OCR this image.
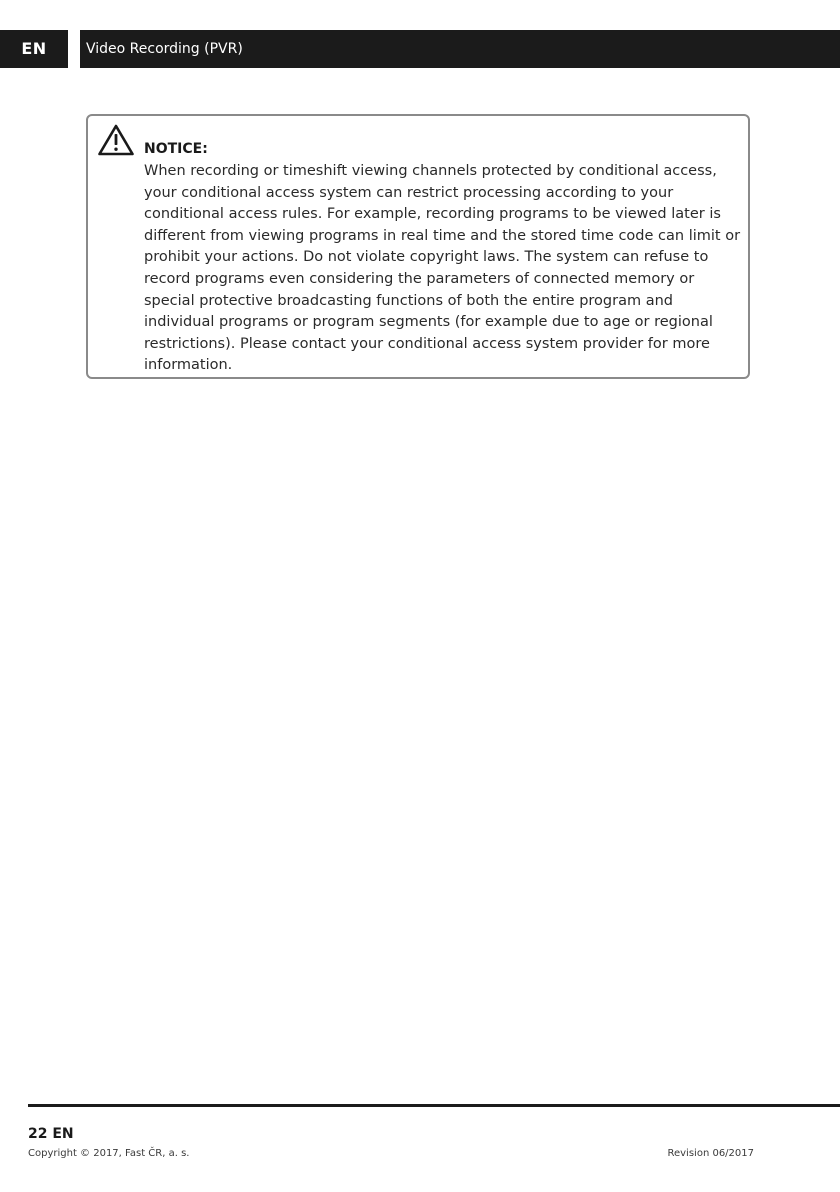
EN	Video Recording (PVR)
NOTICE:

When recording or timeshift viewing channels protected by conditional access, your conditional access system can restrict processing according to your conditional access rules. For example, recording programs to be viewed later is different from viewing programs in real time and the stored time code can limit or prohibit your actions. Do not violate copyright laws. The system can refuse to record programs even considering the parameters of connected memory or special protective broadcasting functions of both the entire program and individual programs or program segments (for example due to age or regional restrictions). Please contact your conditional access system provider for more information.

22 EN
Copyright © 2017, Fast ČR, a. s.	Revision 06/2017
